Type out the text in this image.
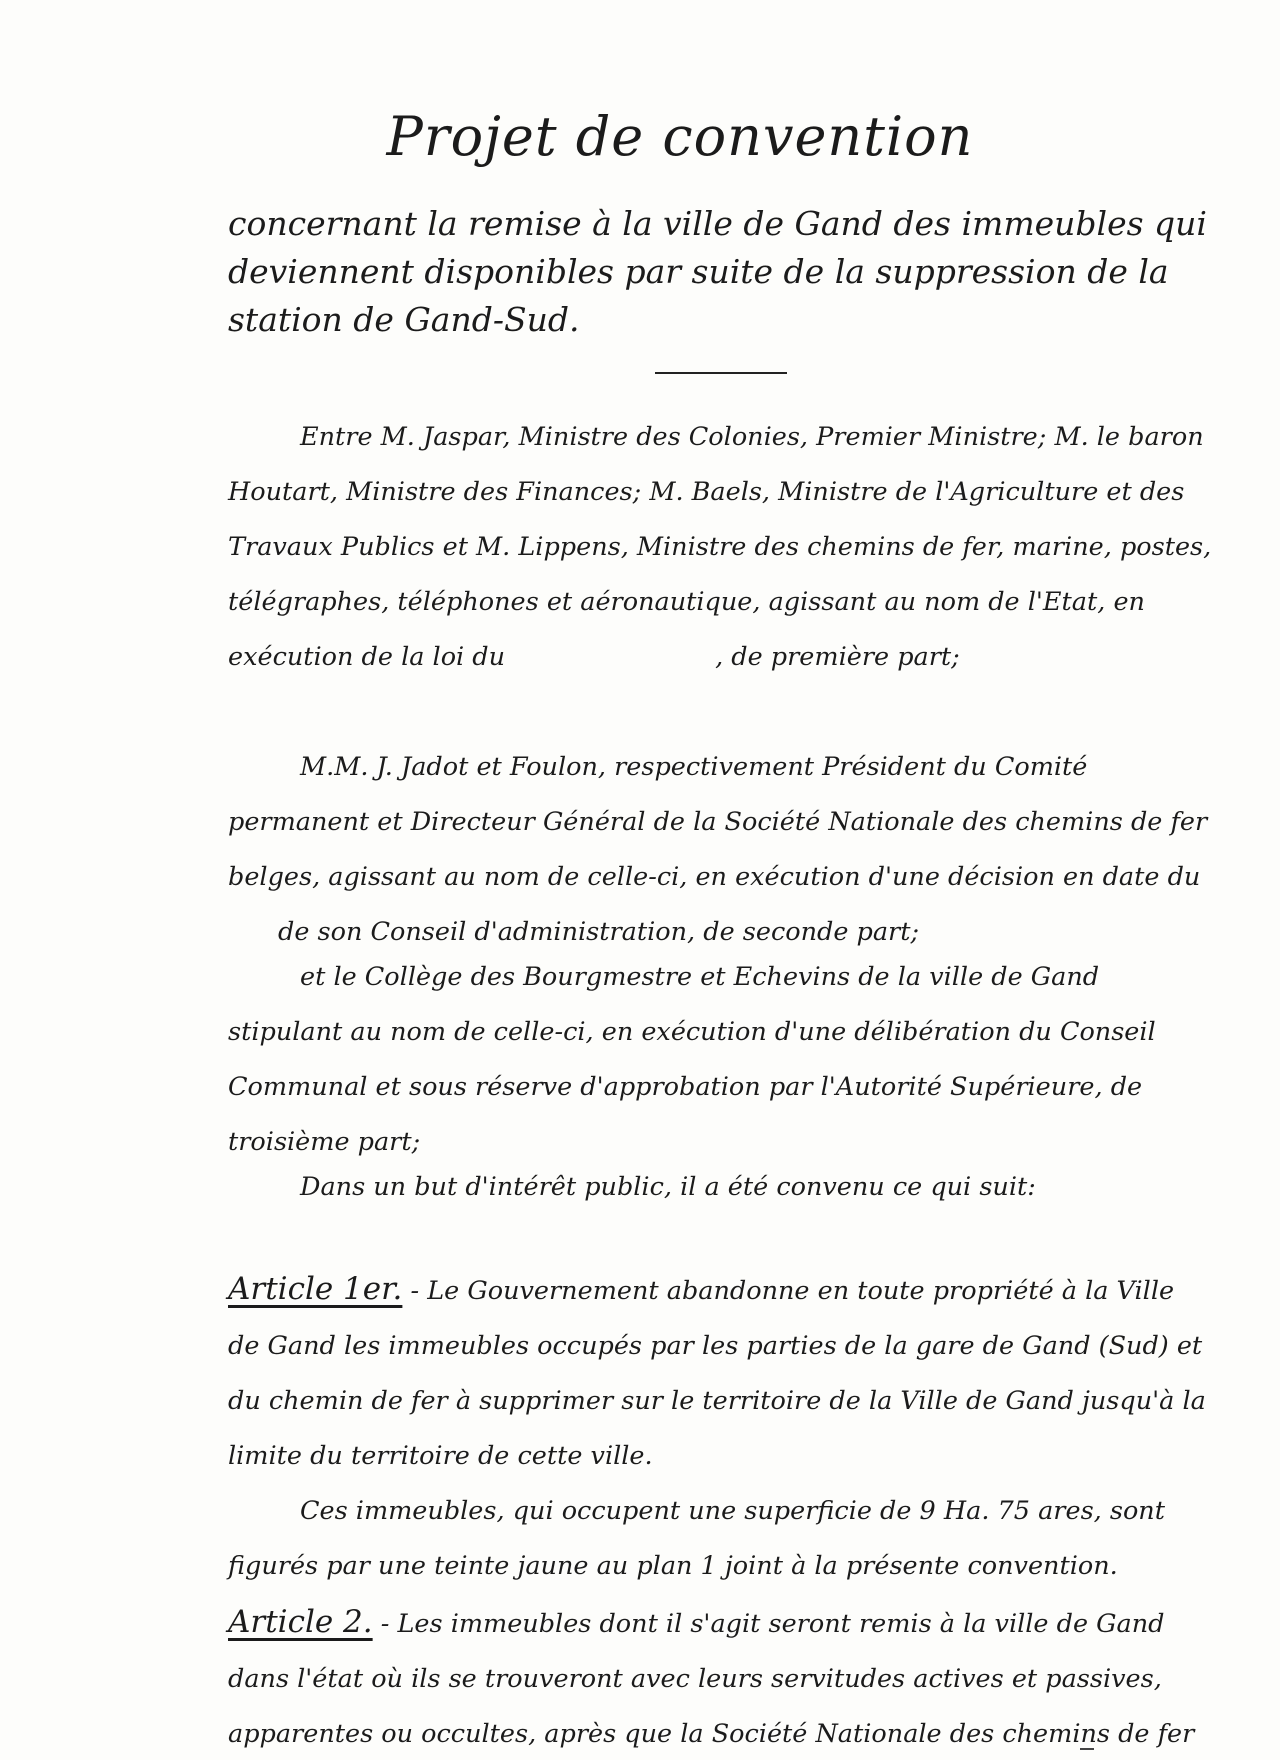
Projet de convention
concernant la remise à la ville de Gand des immeubles qui deviennent disponibles par suite de la suppression de la station de Gand-Sud.
Entre M. Jaspar, Ministre des Colonies, Premier Ministre; M. le baron Houtart, Ministre des Finances; M. Baels, Ministre de l'Agriculture et des Travaux Publics et M. Lippens, Ministre des chemins de fer, marine, postes, télégraphes, téléphones et aéronautique, agissant au nom de l'Etat, en exécution de la loi du	, de première part;
M.M. J. Jadot et Foulon, respectivement Président du Comité permanent et Directeur Général de la Société Nationale des chemins de fer belges, agissant au nom de celle-ci, en exécution d'une décision en date du
de son Conseil d'administration, de seconde part;
et le Collège des Bourgmestre et Echevins de la ville de Gand stipulant au nom de celle-ci, en exécution d'une délibération du Conseil Communal et sous réserve d'approbation par l'Autorité Supérieure, de troisième part;
Dans un but d'intérêt public, il a été convenu ce qui suit:
Article 1er. - Le Gouvernement abandonne en toute propriété à la Ville de Gand les immeubles occupés par les parties de la gare de Gand (Sud) et du chemin de fer à supprimer sur le territoire de la Ville de Gand jusqu'à la limite du territoire de cette ville.
Ces immeubles, qui occupent une superficie de 9 Ha. 75 ares, sont figurés par une teinte jaune au plan 1 joint à la présente convention.
Article 2. - Les immeubles dont il s'agit seront remis à la ville de Gand dans l'état où ils se trouveront avec leurs servitudes actives et passives, apparentes ou occultes, après que la Société Nationale des chemins de fer
